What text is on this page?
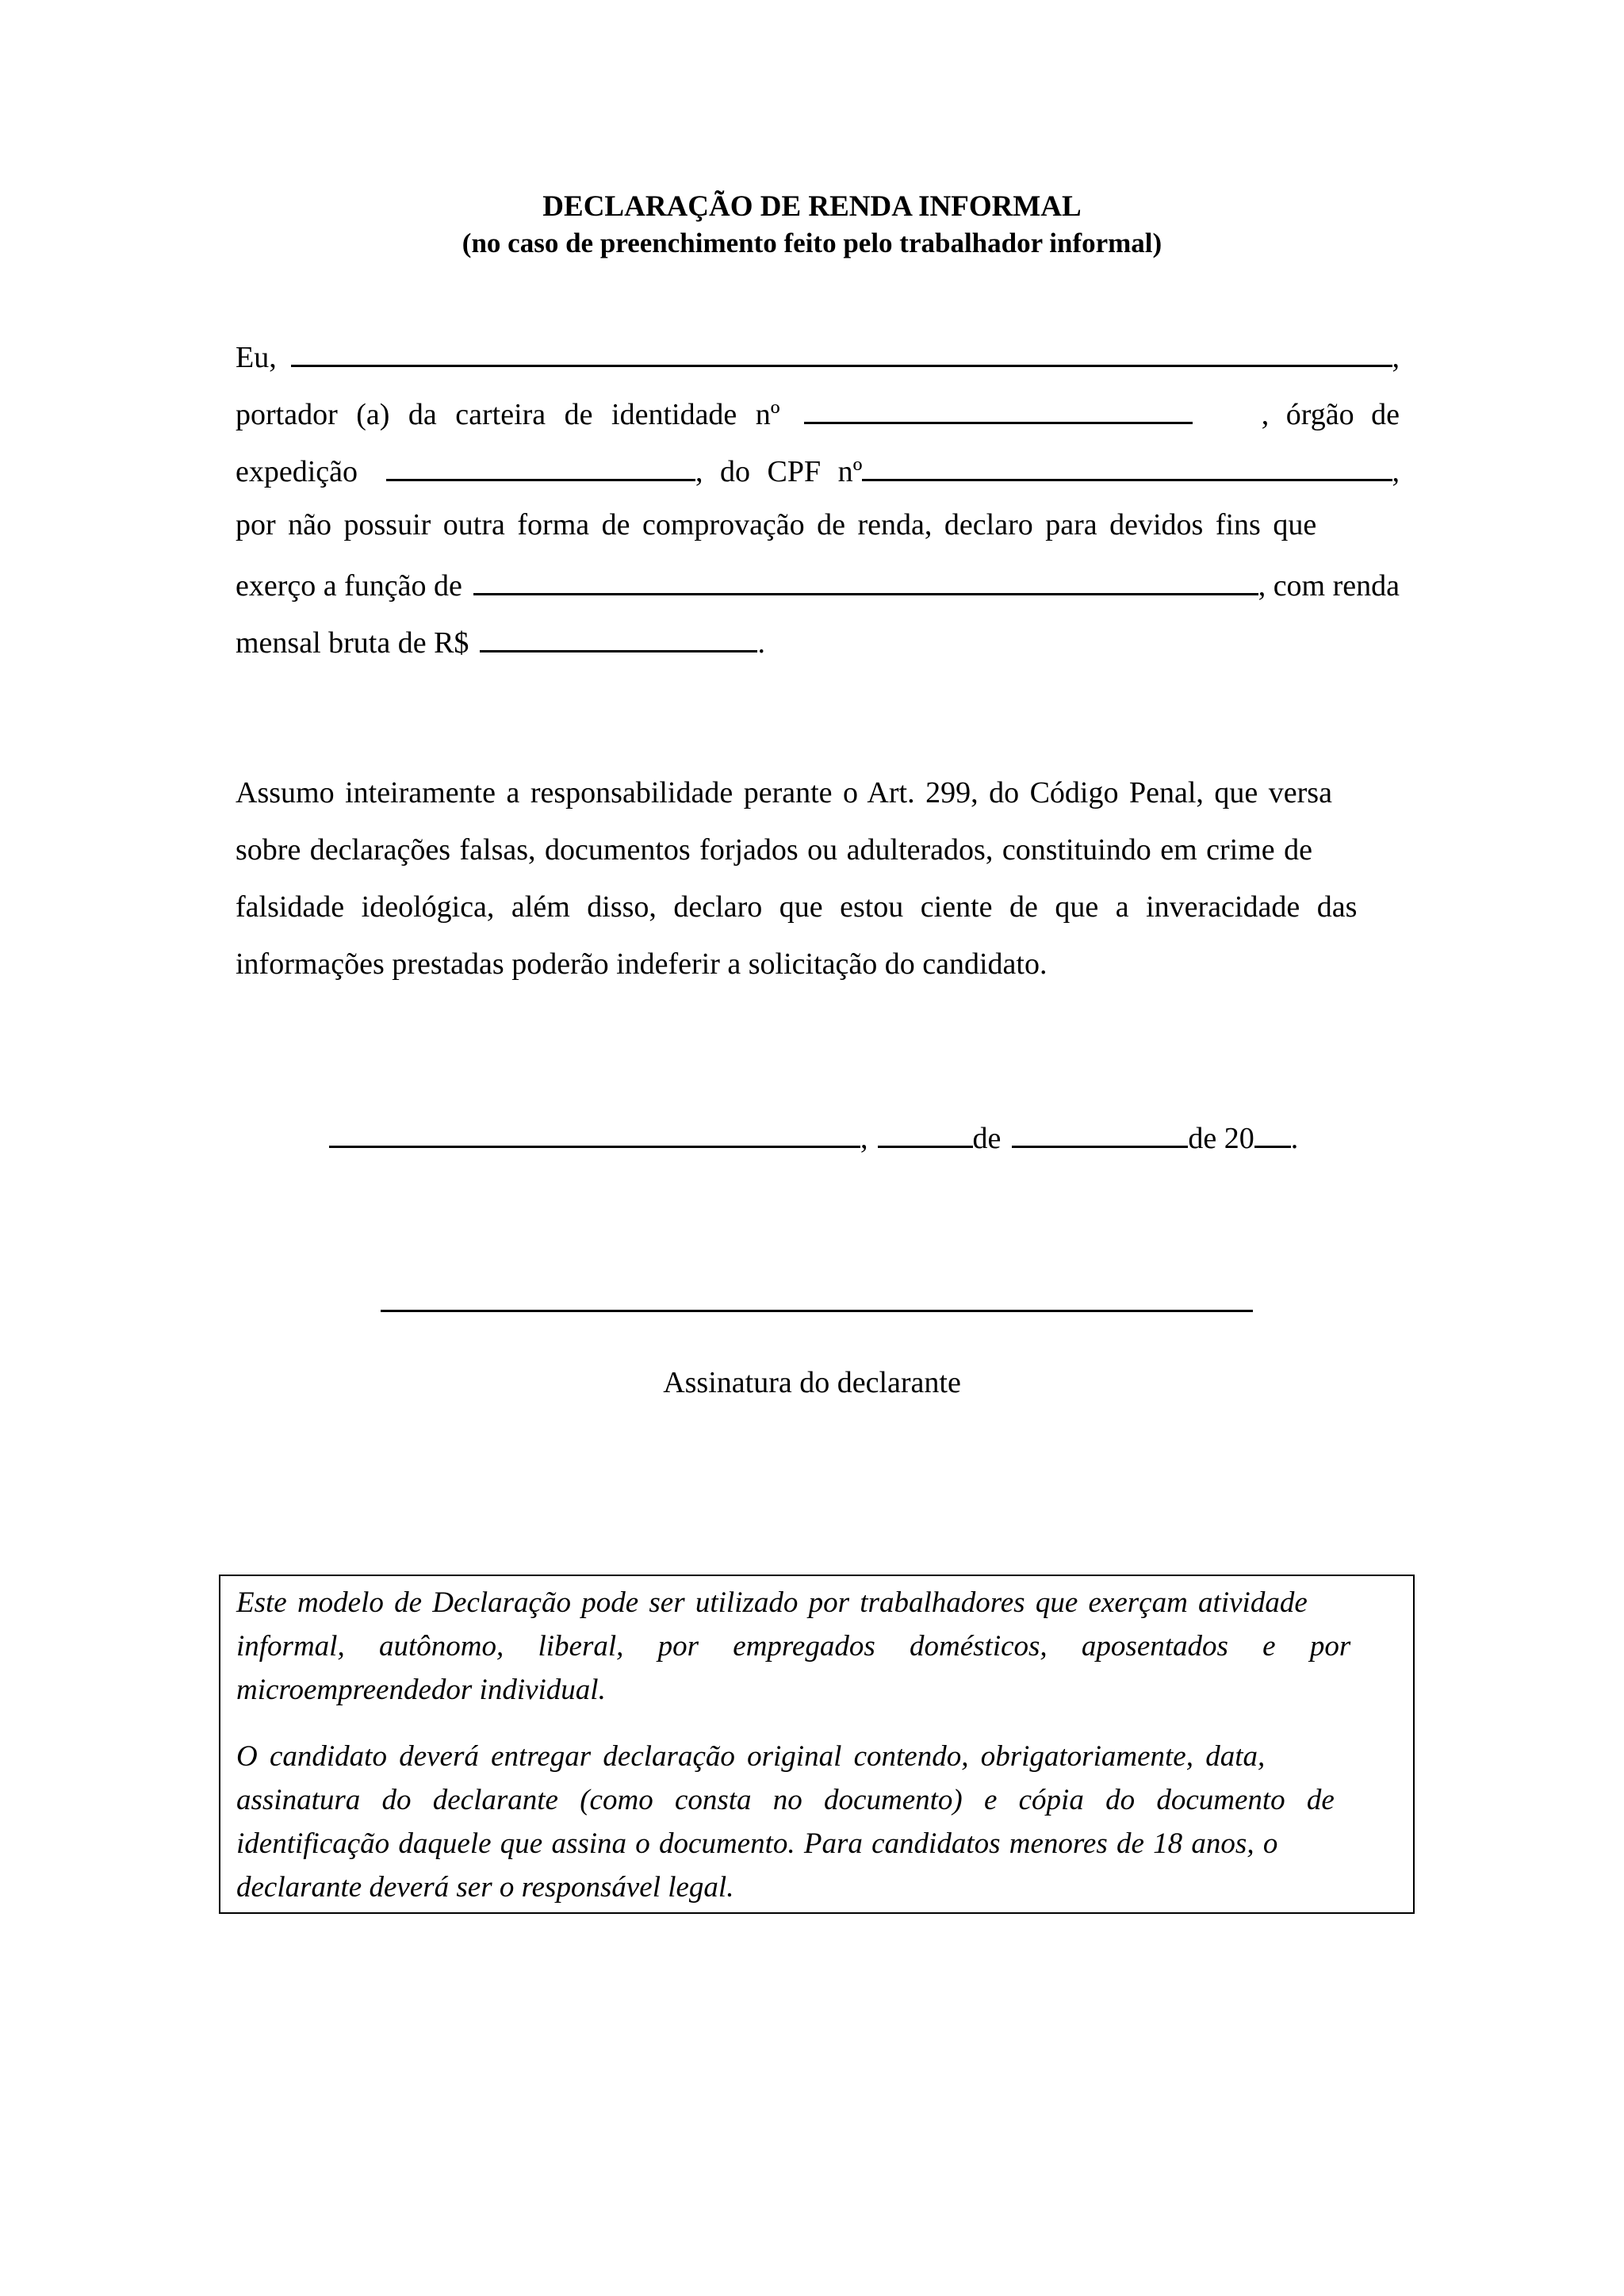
DECLARAÇÃO DE RENDA INFORMAL
(no caso de preenchimento feito pelo trabalhador informal)
Eu,	,
portador (a) da carteira de identidade nº	, órgão de
expedição	, do CPF nº	,
por não possuir outra forma de comprovação de renda, declaro para devidos fins que
exerço a função de	, com renda
mensal bruta de R$	.
Assumo inteiramente a responsabilidade perante o Art. 299, do Código Penal, que versa
sobre declarações falsas, documentos forjados ou adulterados, constituindo em crime de
falsidade ideológica, além disso, declaro que estou ciente de que a inveracidade das
informações prestadas poderão indeferir a solicitação do candidato.
,	de	de 20 .
Assinatura do declarante
Este modelo de Declaração pode ser utilizado por trabalhadores que exerçam atividade
informal, autônomo, liberal, por empregados domésticos, aposentados e por
microempreendedor individual.
O candidato deverá entregar declaração original contendo, obrigatoriamente, data,
assinatura do declarante (como consta no documento) e cópia do documento de
identificação daquele que assina o documento. Para candidatos menores de 18 anos, o
declarante deverá ser o responsável legal.
